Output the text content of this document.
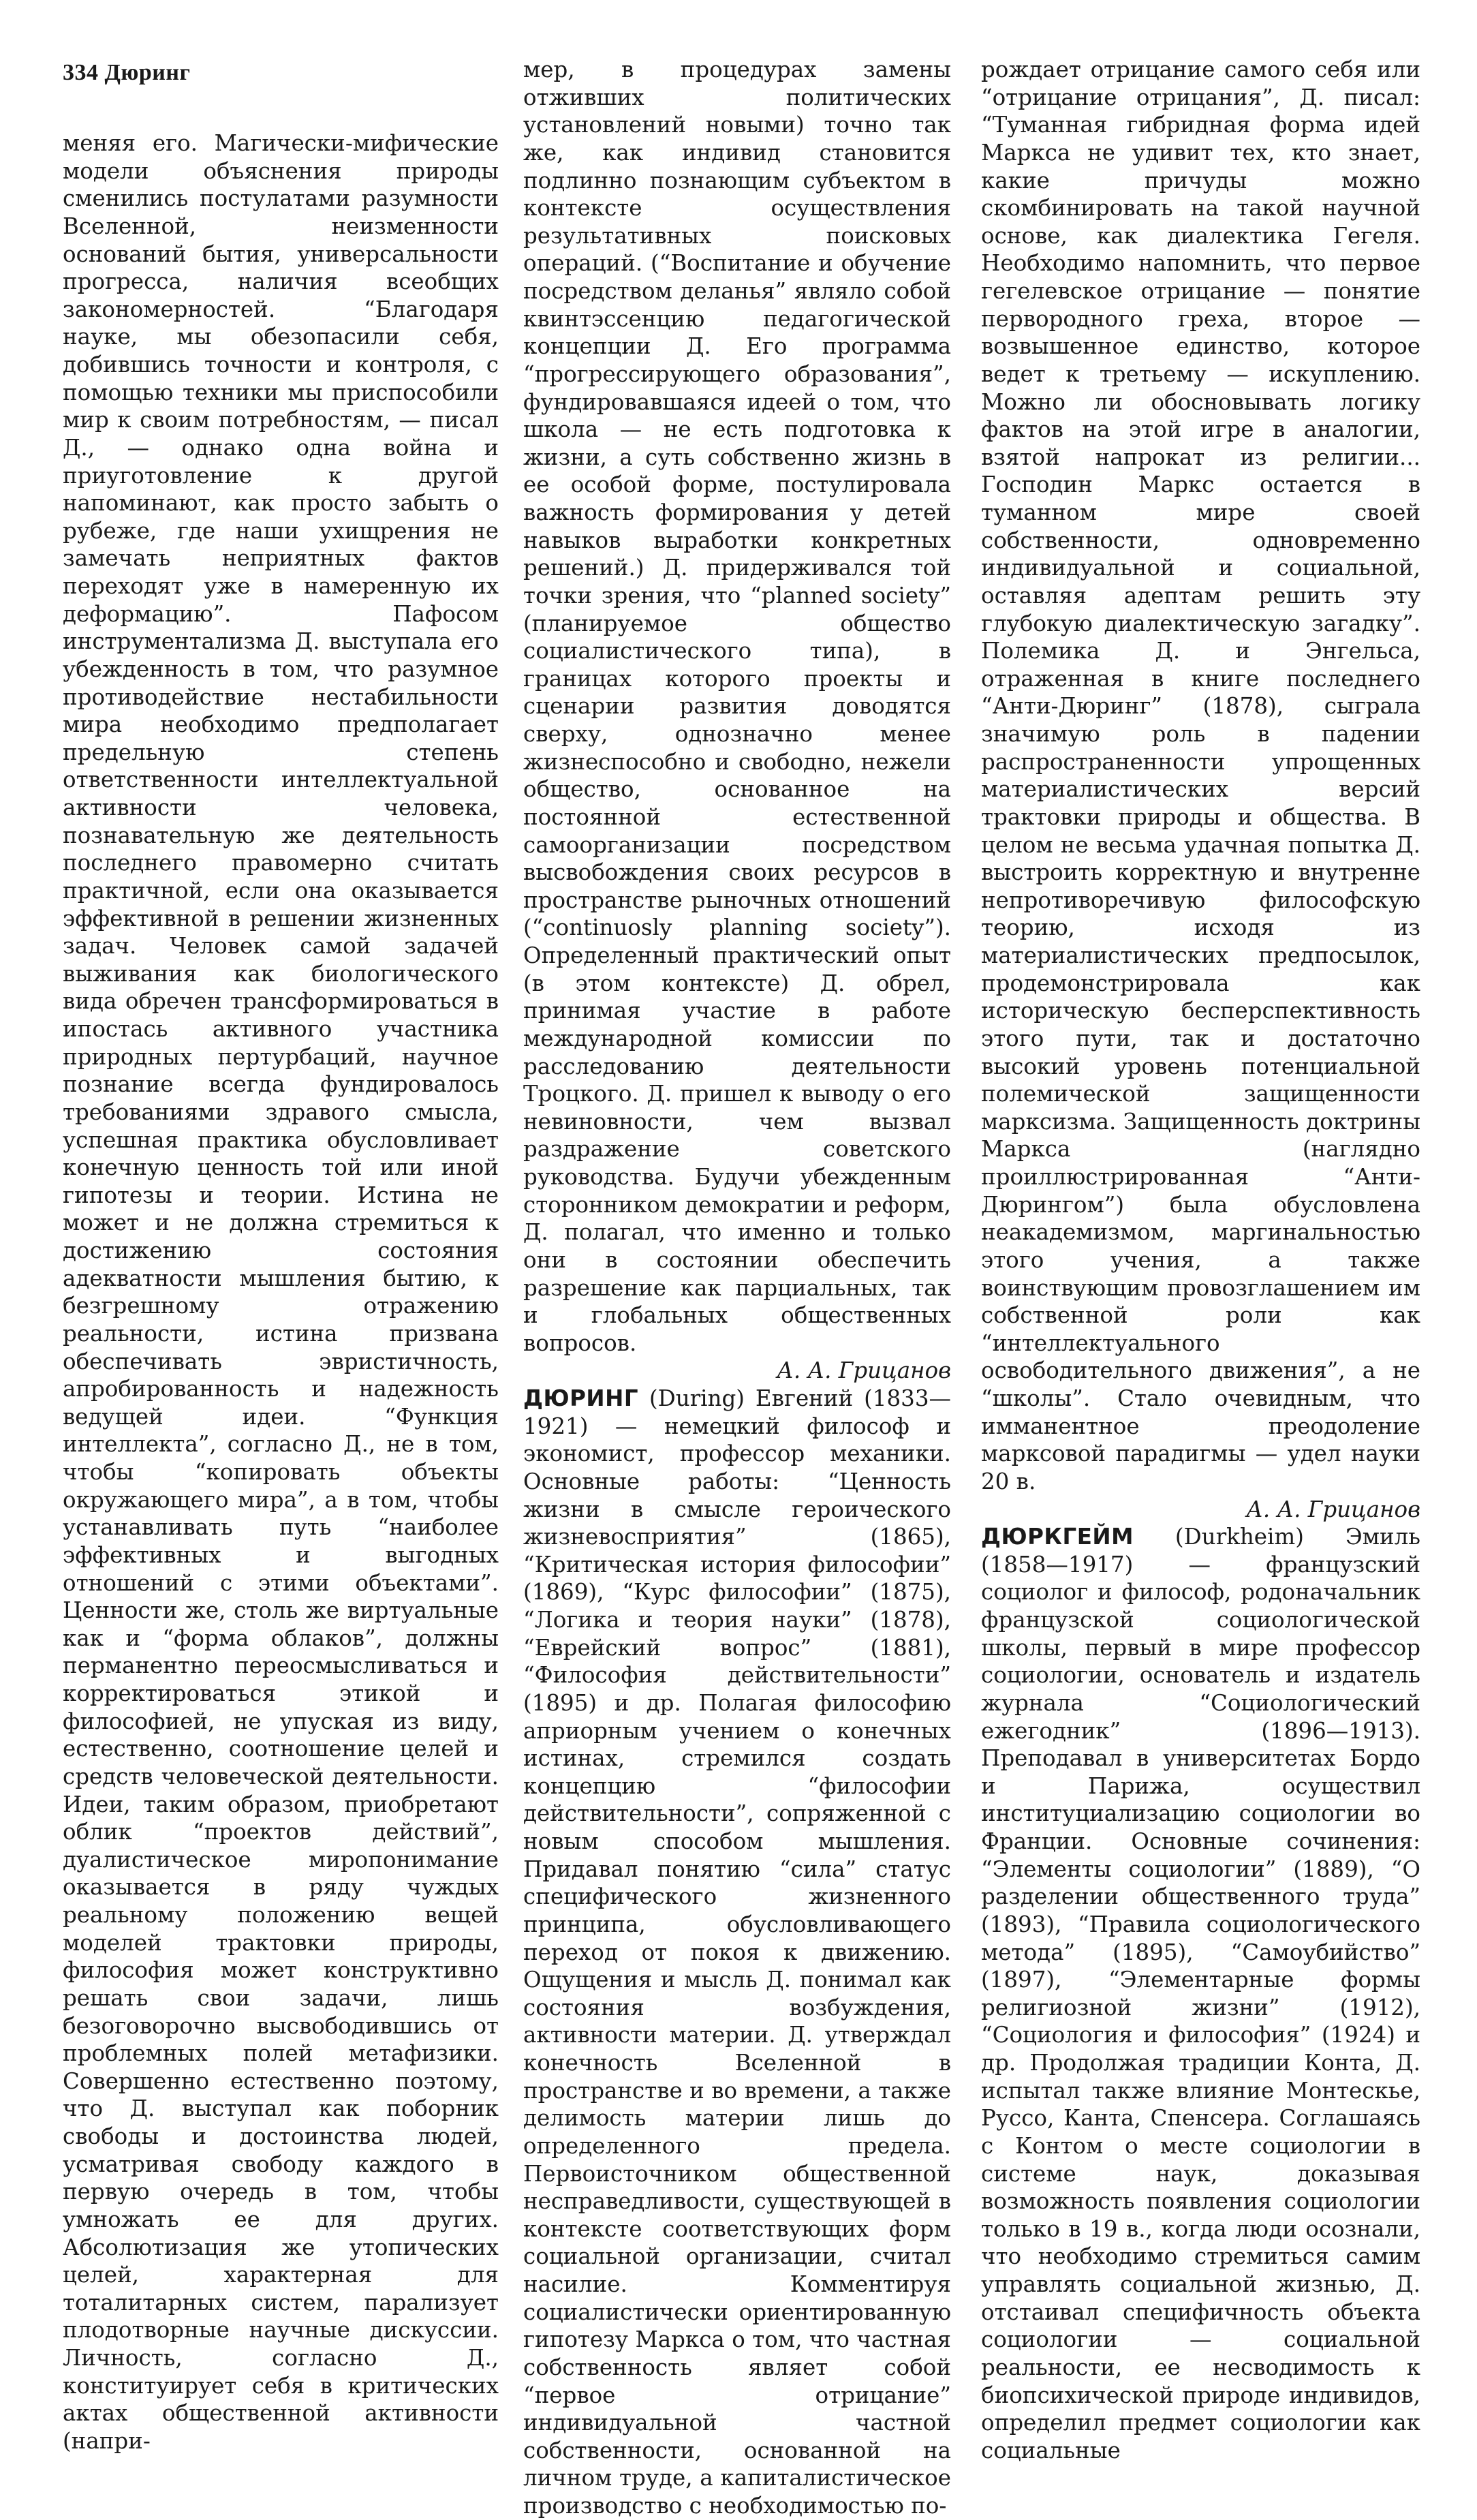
334 Дюринг

меняя его. Магически-мифические модели объяснения природы сменились постулатами разумности Вселенной, неизменности оснований бытия, универсальности прогресса, наличия всеобщих закономерностей. “Благодаря науке, мы обезопасили себя, добившись точности и контроля, с помощью техники мы приспособили мир к своим потребностям, — писал Д., — однако одна война и приуготовление к другой напоминают, как просто забыть о рубеже, где наши ухищрения не замечать неприятных фактов переходят уже в намеренную их деформацию”. Пафосом инструментализма Д. выступала его убежденность в том, что разумное противодействие нестабильности мира необходимо предполагает предельную степень ответственности интеллектуальной активности человека, познавательную же деятельность последнего правомерно считать практичной, если она оказывается эффективной в решении жизненных задач. Человек самой задачей выживания как биологического вида обречен трансформироваться в ипостась активного участника природных пертурбаций, научное познание всегда фундировалось требованиями здравого смысла, успешная практика обусловливает конечную ценность той или иной гипотезы и теории. Истина не может и не должна стремиться к достижению состояния адекватности мышления бытию, к безгрешному отражению реальности, истина призвана обеспечивать эвристичность, апробированность и надежность ведущей идеи. “Функция интеллекта”, согласно Д., не в том, чтобы “копировать объекты окружающего мира”, а в том, чтобы устанавливать путь “наиболее эффективных и выгодных отношений с этими объектами”. Ценности же, столь же виртуальные как и “форма облаков”, должны перманентно переосмысливаться и корректироваться этикой и философией, не упуская из виду, естественно, соотношение целей и средств человеческой деятельности. Идеи, таким образом, приобретают облик “проектов действий”, дуалистическое миропонимание оказывается в ряду чуждых реальному положению вещей моделей трактовки природы, философия может конструктивно решать свои задачи, лишь безоговорочно высвободившись от проблемных полей метафизики. Совершенно естественно поэтому, что Д. выступал как поборник свободы и достоинства людей, усматривая свободу каждого в первую очередь в том, чтобы умножать ее для других. Абсолютизация же утопических целей, характерная для тоталитарных систем, парализует плодотворные научные дискуссии. Личность, согласно Д., конституирует себя в критических актах общественной активности (напри-

мер, в процедурах замены отживших политических установлений новыми) точно так же, как индивид становится подлинно познающим субъектом в контексте осуществления результативных поисковых операций. (“Воспитание и обучение посредством деланья” являло собой квинтэссенцию педагогической концепции Д. Его программа “прогрессирующего образования”, фундировавшаяся идеей о том, что школа — не есть подготовка к жизни, а суть собственно жизнь в ее особой форме, постулировала важность формирования у детей навыков выработки конкретных решений.) Д. придерживался той точки зрения, что “planned society” (планируемое общество социалистического типа), в границах которого проекты и сценарии развития доводятся сверху, однозначно менее жизнеспособно и свободно, нежели общество, основанное на постоянной естественной самоорганизации посредством высвобождения своих ресурсов в пространстве рыночных отношений (“continuosly planning society”). Определенный практический опыт (в этом контексте) Д. обрел, принимая участие в работе международной комиссии по расследованию деятельности Троцкого. Д. пришел к выводу о его невиновности, чем вызвал раздражение советского руководства. Будучи убежденным сторонником демократии и реформ, Д. полагал, что именно и только они в состоянии обеспечить разрешение как парциальных, так и глобальных общественных вопросов.

А. А. Грицанов

ДЮРИНГ (During) Евгений (1833—1921) — немецкий философ и экономист, профессор механики. Основные работы: “Ценность жизни в смысле героического жизневосприятия” (1865), “Критическая история философии” (1869), “Курс философии” (1875), “Логика и теория науки” (1878), “Еврейский вопрос” (1881), “Философия действительности” (1895) и др. Полагая философию априорным учением о конечных истинах, стремился создать концепцию “философии действительности”, сопряженной с новым способом мышления. Придавал понятию “сила” статус специфического жизненного принципа, обусловливающего переход от покоя к движению. Ощущения и мысль Д. понимал как состояния возбуждения, активности материи. Д. утверждал конечность Вселенной в пространстве и во времени, а также делимость материи лишь до определенного предела. Первоисточником общественной несправедливости, существующей в контексте соответствующих форм социальной организации, считал насилие. Комментируя социалистически ориентированную гипотезу Маркса о том, что частная собственность являет собой “первое отрицание” индивидуальной частной собственности, основанной на личном труде, а капиталистическое производство с необходимостью по-

рождает отрицание самого себя или “отрицание отрицания”, Д. писал: “Туманная гибридная форма идей Маркса не удивит тех, кто знает, какие причуды можно скомбинировать на такой научной основе, как диалектика Гегеля. Необходимо напомнить, что первое гегелевское отрицание — понятие первородного греха, второе — возвышенное единство, которое ведет к третьему — искуплению. Можно ли обосновывать логику фактов на этой игре в аналогии, взятой напрокат из религии... Господин Маркс остается в туманном мире своей собственности, одновременно индивидуальной и социальной, оставляя адептам решить эту глубокую диалектическую загадку”. Полемика Д. и Энгельса, отраженная в книге последнего “Анти-Дюринг” (1878), сыграла значимую роль в падении распространенности упрощенных материалистических версий трактовки природы и общества. В целом не весьма удачная попытка Д. выстроить корректную и внутренне непротиворечивую философскую теорию, исходя из материалистических предпосылок, продемонстрировала как историческую бесперспективность этого пути, так и достаточно высокий уровень потенциальной полемической защищенности марксизма. Защищенность доктрины Маркса (наглядно проиллюстрированная “Анти-Дюрингом”) была обусловлена неакадемизмом, маргинальностью этого учения, а также воинствующим провозглашением им собственной роли как “интеллектуального освободительного движения”, а не “школы”. Стало очевидным, что имманентное преодоление марксовой парадигмы — удел науки 20 в.

А. А. Грицанов

ДЮРКГЕЙМ (Durkheim) Эмиль (1858—1917) — французский социолог и философ, родоначальник французской социологической школы, первый в мире профессор социологии, основатель и издатель журнала “Социологический ежегодник” (1896—1913). Преподавал в университетах Бордо и Парижа, осуществил институциализацию социологии во Франции. Основные сочинения: “Элементы социологии” (1889), “О разделении общественного труда” (1893), “Правила социологического метода” (1895), “Самоубийство” (1897), “Элементарные формы религиозной жизни” (1912), “Социология и философия” (1924) и др. Продолжая традиции Конта, Д. испытал также влияние Монтескье, Руссо, Канта, Спенсера. Соглашаясь с Контом о месте социологии в системе наук, доказывая возможность появления социологии только в 19 в., когда люди осознали, что необходимо стремиться самим управлять социальной жизнью, Д. отстаивал специфичность объекта социологии — социальной реальности, ее несводимость к биопсихической природе индивидов, определил предмет социологии как социальные
